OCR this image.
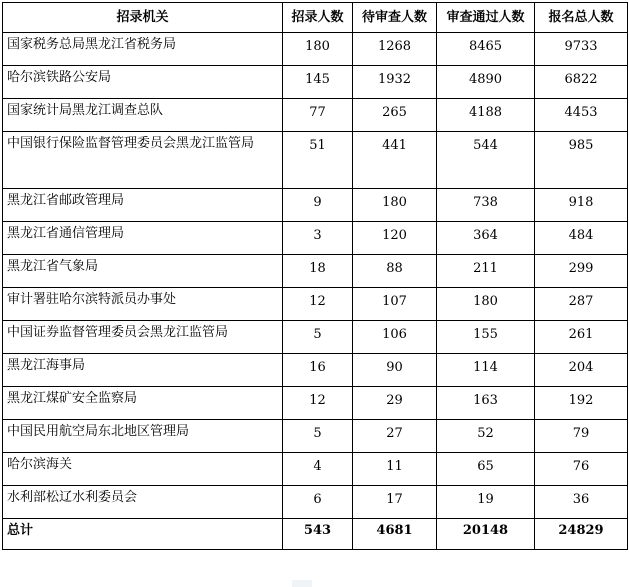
招录机关	招录人数	待审查人数	审查通过人数	报名总人数
国家税务总局黑龙江省税务局	180	1268	8465	9733
哈尔滨铁路公安局	145	1932	4890	6822
国家统计局黑龙江调查总队	77	265	4188	4453
中国银行保险监督管理委员会黑龙江监管局	51	441	544	985
黑龙江省邮政管理局	9	180	738	918
黑龙江省通信管理局	3	120	364	484
黑龙江省气象局	18	88	211	299
审计署驻哈尔滨特派员办事处	12	107	180	287
中国证券监督管理委员会黑龙江监管局	5	106	155	261
黑龙江海事局	16	90	114	204
黑龙江煤矿安全监察局	12	29	163	192
中国民用航空局东北地区管理局	5	27	52	79
哈尔滨海关	4	11	65	76
水利部松辽水利委员会	6	17	19	36
总计	543	4681	20148	24829
